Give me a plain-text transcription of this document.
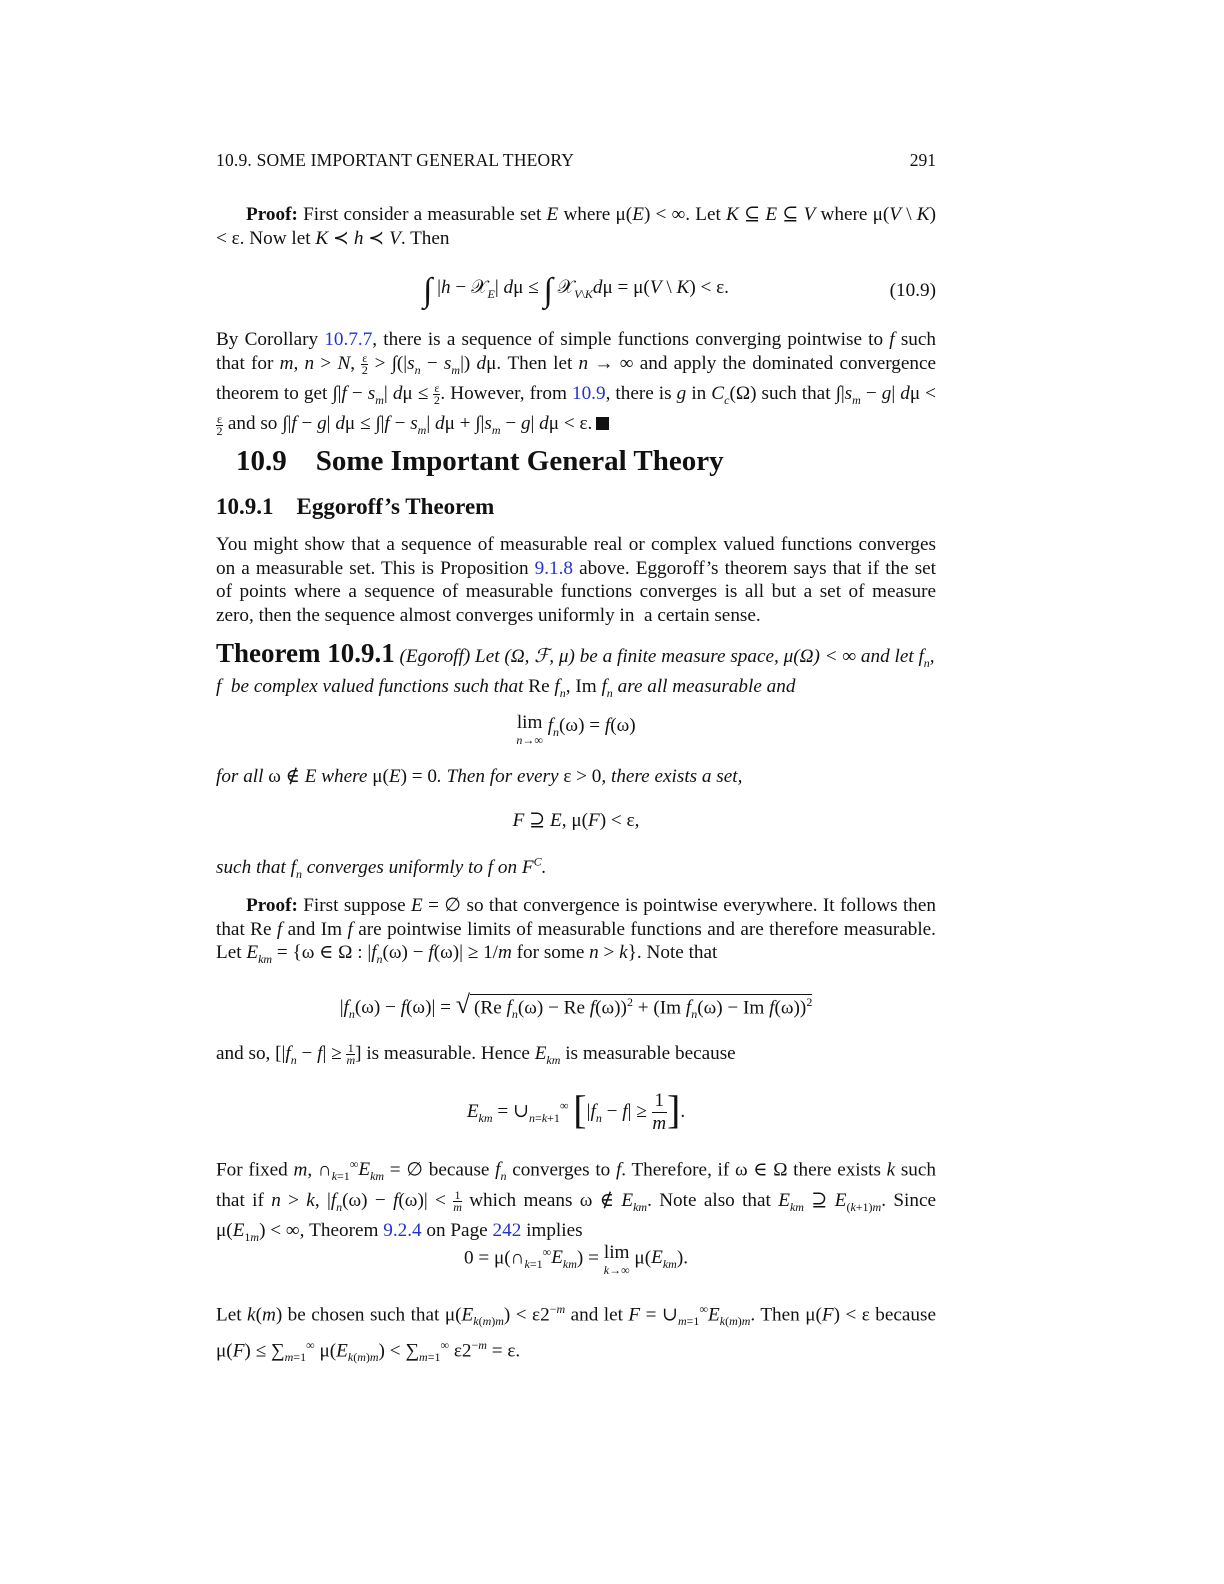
10.9. SOME IMPORTANT GENERAL THEORY	291
Proof: First consider a measurable set E where μ(E) < ∞. Let K ⊆ E ⊆ V where μ(V \ K) < ε. Now let K ≺ h ≺ V. Then
∫ |h − 𝒳$_E$| dμ ≤ ∫ 𝒳$_{V\backslash K}$dμ = μ(V \ K) < ε.	(10.9)
By Corollary 10.7.7, there is a sequence of simple functions converging pointwise to f such that for m, n > N, $\frac{\varepsilon}{2} > \int(|s_n - s_m|)$ dμ. Then let n → ∞ and apply the dominated convergence theorem to get $\int|f - s_m|$ $d\mu \le \frac{\varepsilon}{2}$ . However, from 10.9, there is g in $C_c(\Omega)$ such that $\int|s_m - g|$ dμ <
$\frac{\varepsilon}{2}$ and so ∫|f − g| $d\mu \le \int|f - s_m|$ $d\mu + \int|s_m - g|$ dμ < ε.
10.9 Some Important General Theory
10.9.1 Eggoroff’s Theorem
You might show that a sequence of measurable real or complex valued functions converges on a measurable set. This is Proposition 9.1.8 above. Eggoroff’s theorem says that if the set of points where a sequence of measurable functions converges is all but a set of measure zero, then the sequence almost converges uniformly in  a certain sense.
Theorem 10.9.1 (Egoroff) Let (Ω, ℱ, μ) be a finite measure space, μ(Ω) < ∞ and let $f_n$, f  be complex valued functions such that Re $f_n$, Im $f_n$ are all measurable and
lim
n→∞ $f_n(\omega) = f(\omega)$
for all ω ∉ E where μ(E) = 0. Then for every ε > 0, there exists a set,
F ⊇ E, μ(F) < ε,
such that $f_n$ converges uniformly to f on $F^C$.
Proof: First suppose E = ∅ so that convergence is pointwise everywhere. It follows then that Re f and Im f are pointwise limits of measurable functions and are therefore measurable. Let $E_{km} = \{\omega$ ∈ Ω : $|f_n(\omega) - f(\omega)| \ge 1/m$ for some n > k}. Note that
$|f_n(\omega) - f(\omega)|$ = √ (Re $f_n(\omega) - Re$ f(ω))$^2$ + (Im $f_n(\omega) - Im$ f(ω))$^2$
and so, [$|f_n - f| \ge \frac{1}{m}$ ] is measurable. Hence $E_{km}$ is measurable because
$E_{km}$ = $\cup_{n=k+1}^\infty$ [$|f_n - f| \ge \frac{1}{m}$ ].
For fixed m, $\cap_{k=1}^\infty E_{km}$ = ∅ because $f_n$ converges to f. Therefore, if ω ∈ Ω there exists k such that if n > k, $|f_n(\omega) - f(\omega)| < \frac{1}{m}$ which means ω ∉ $E_{km}$. Note also that $E_{km}$ ⊇ $E_{(k+1)m}$. Since $\mu(E_{1m})$ < ∞, Theorem 9.2.4 on Page 242 implies
$0 = \mu(\cap_{k=1}^\infty E_{km}) = \lim$
k→∞ $\mu(E_{km})$.
Let k(m) be chosen such that $\mu(E_{k(m)m}) < \varepsilon 2^{-m}$ and let $F = \cup_{m=1}^\infty E_{k(m)m}$. Then μ(F) < ε because $\mu(F) \le \sum_{m=1}^\infty$ $\mu(E_{k(m)m}) < \sum_{m=1}^\infty$ $\varepsilon 2^{-m} = \varepsilon$.
